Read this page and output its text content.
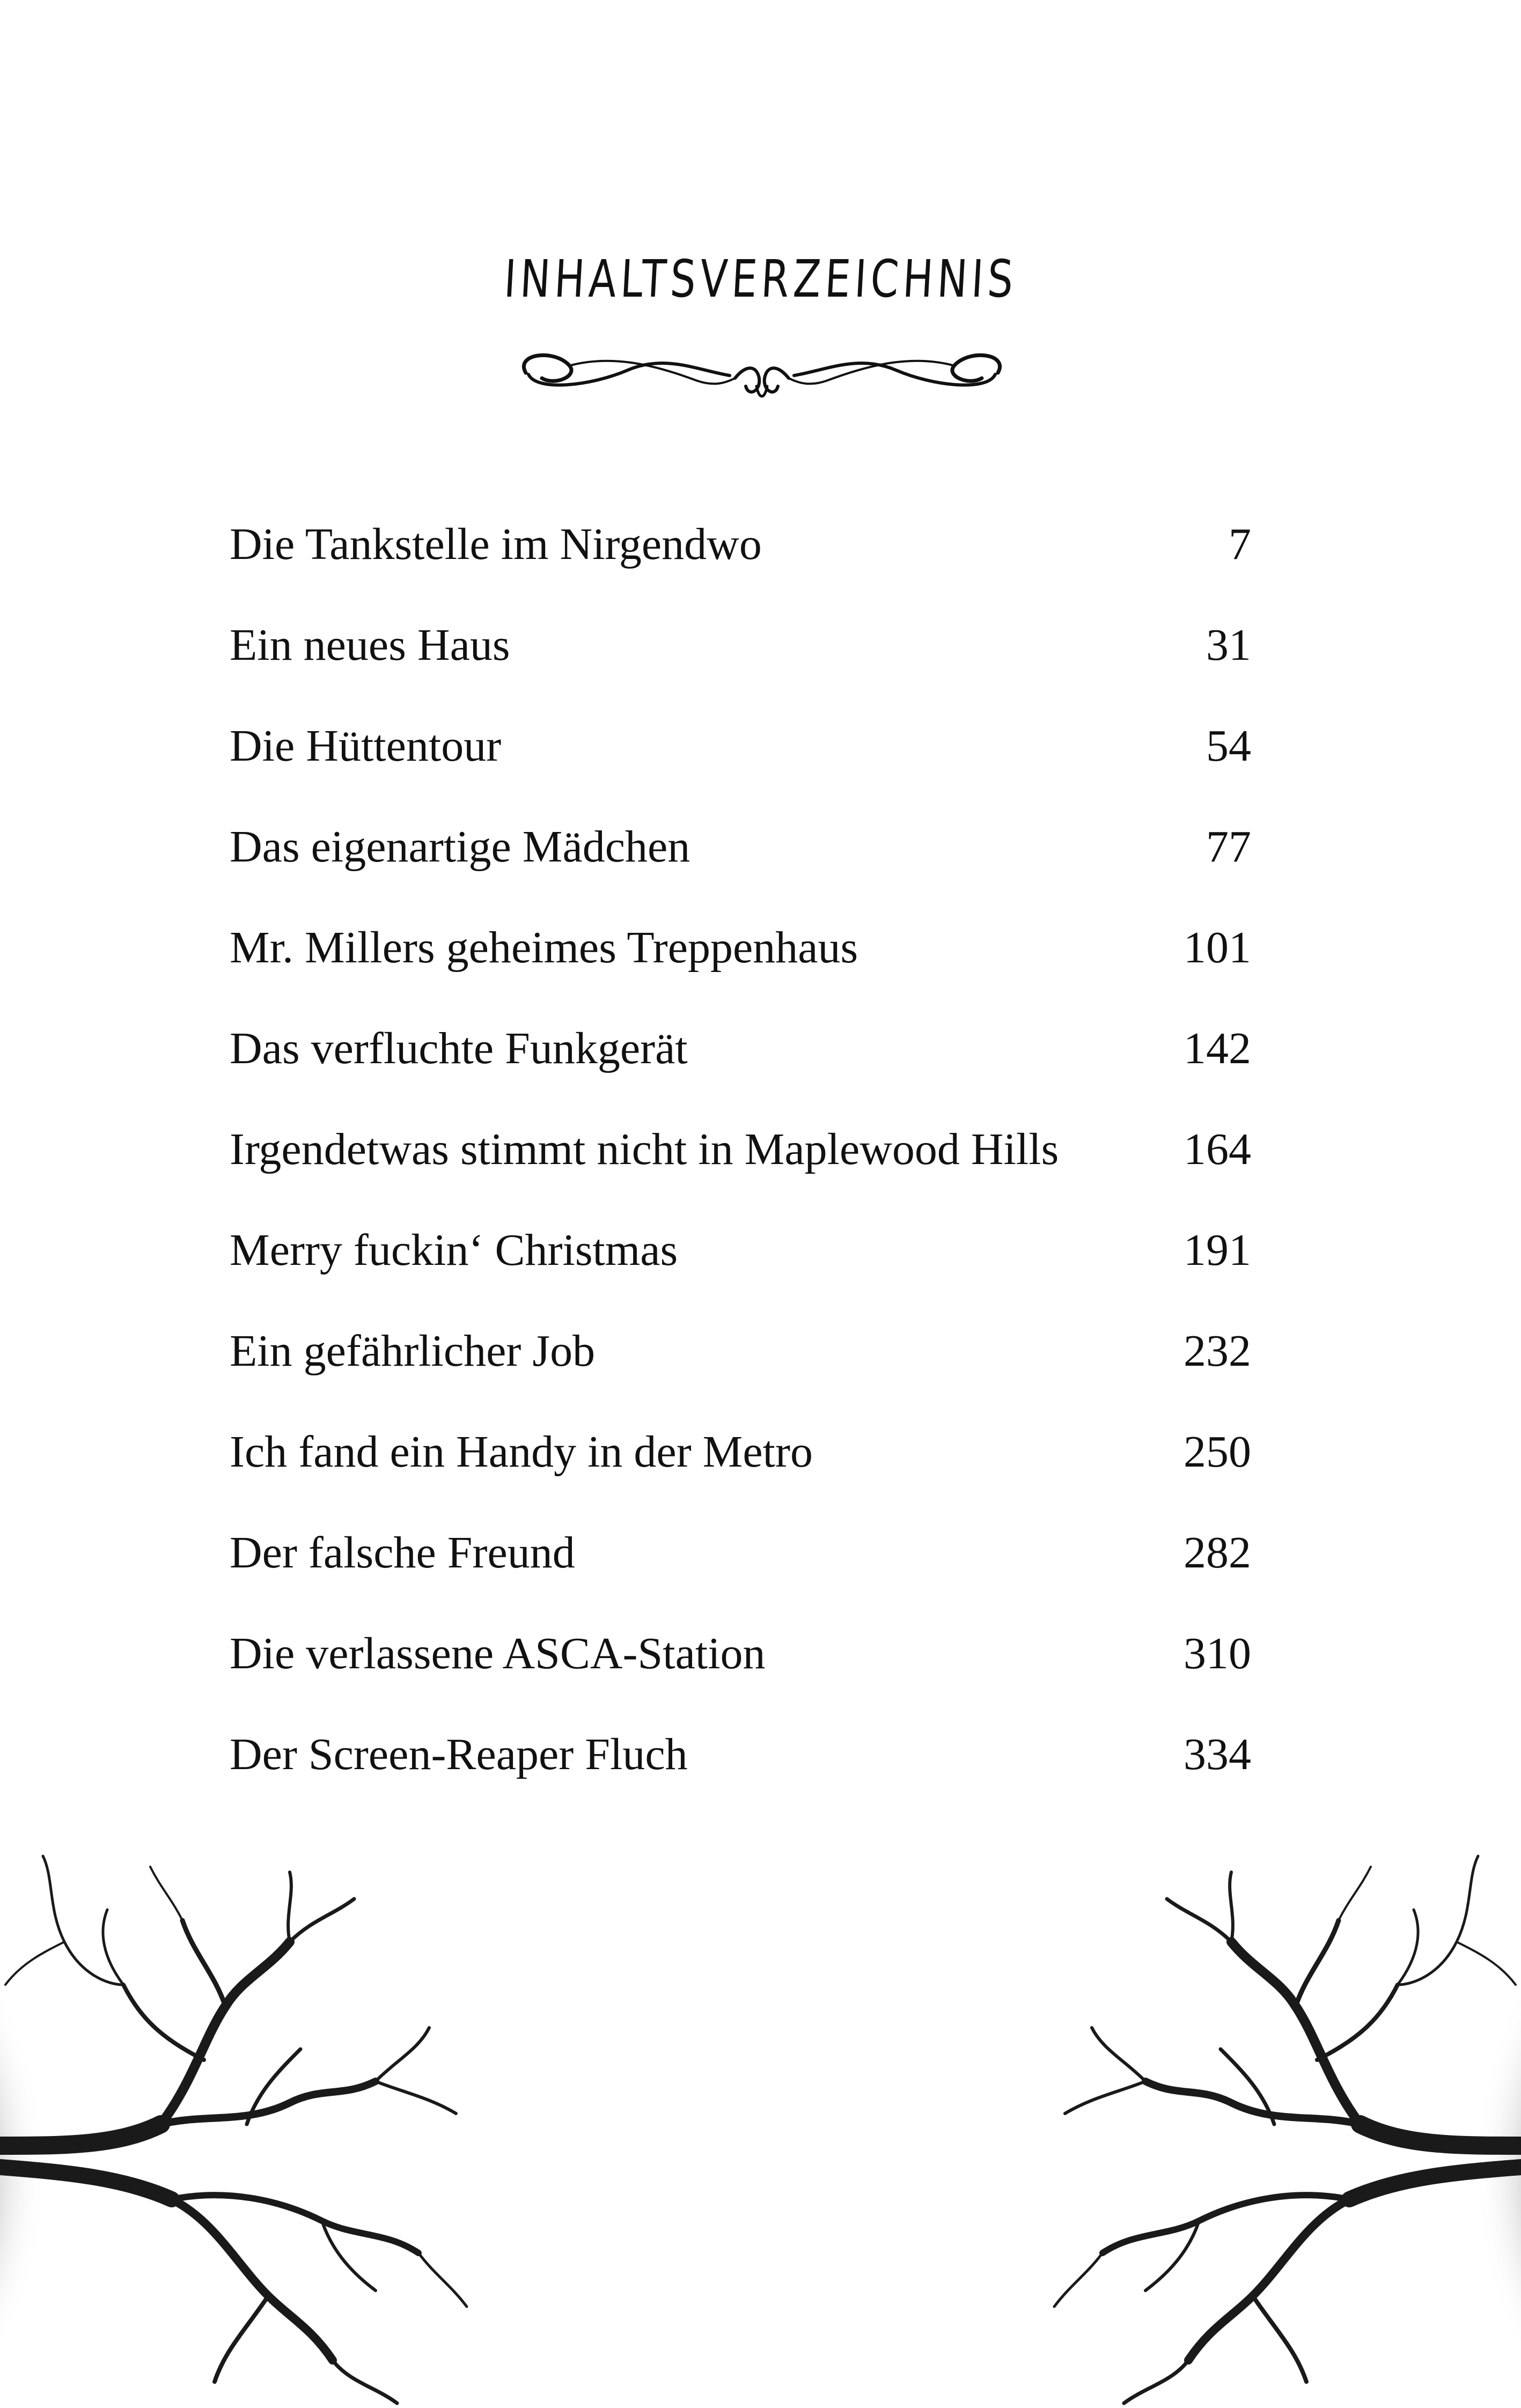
INHALTSVERZEICHNIS
Die Tankstelle im Nirgendwo	7
Ein neues Haus	31
Die Hüttentour	54
Das eigenartige Mädchen	77
Mr. Millers geheimes Treppenhaus	101
Das verfluchte Funkgerät	142
Irgendetwas stimmt nicht in Maplewood Hills	164
Merry fuckin‘ Christmas	191
Ein gefährlicher Job	232
Ich fand ein Handy in der Metro	250
Der falsche Freund	282
Die verlassene ASCA-Station	310
Der Screen-Reaper Fluch	334
